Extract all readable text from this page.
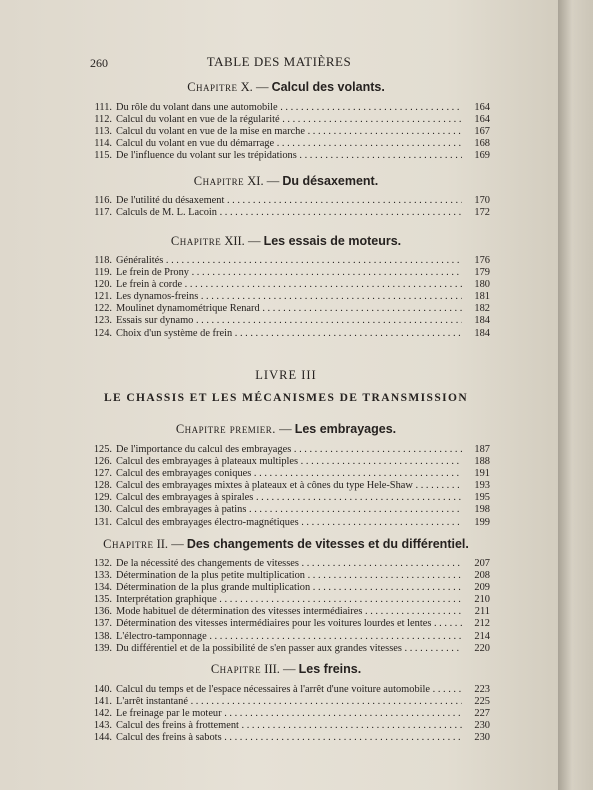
260	TABLE DES MATIÈRES
Chapitre X. — Calcul des volants.
111. Du rôle du volant dans une automobile . . .	164
112. Calcul du volant en vue de la régularité . . .	164
113. Calcul du volant en vue de la mise en marche . . .	167
114. Calcul du volant en vue du démarrage . . .	168
115. De l'influence du volant sur les trépidations . . .	169
Chapitre XI. — Du désaxement.
116. De l'utilité du désaxement . . .	170
117. Calculs de M. L. Lacoin . . .	172
Chapitre XII. — Les essais de moteurs.
118. Généralités . . .	176
119. Le frein de Prony . . .	179
120. Le frein à corde . . .	180
121. Les dynamos-freins . . .	181
122. Moulinet dynamométrique Renard . . .	182
123. Essais sur dynamo . . .	184
124. Choix d'un système de frein . . .	184
LIVRE III
LE CHASSIS ET LES MÉCANISMES DE TRANSMISSION
Chapitre premier. — Les embrayages.
125. De l'importance du calcul des embrayages . . .	187
126. Calcul des embrayages à plateaux multiples . . .	188
127. Calcul des embrayages coniques . . .	191
128. Calcul des embrayages mixtes à plateaux et à cônes du type Hele-Shaw . . .	193
129. Calcul des embrayages à spirales . . .	195
130. Calcul des embrayages à patins . . .	198
131. Calcul des embrayages électro-magnétiques . . .	199
Chapitre II. — Des changements de vitesses et du différentiel.
132. De la nécessité des changements de vitesses . . .	207
133. Détermination de la plus petite multiplication . . .	208
134. Détermination de la plus grande multiplication . . .	209
135. Interprétation graphique . . .	210
136. Mode habituel de détermination des vitesses intermédiaires . . .	211
137. Détermination des vitesses intermédiaires pour les voitures lourdes et lentes . . .	212
138. L'électro-tamponnage . . .	214
139. Du différentiel et de la possibilité de s'en passer aux grandes vitesses . . .	220
Chapitre III. — Les freins.
140. Calcul du temps et de l'espace nécessaires à l'arrêt d'une voiture automobile . . .	223
141. L'arrêt instantané . . .	225
142. Le freinage par le moteur . . .	227
143. Calcul des freins à frottement . . .	230
144. Calcul des freins à sabots . . .	230
